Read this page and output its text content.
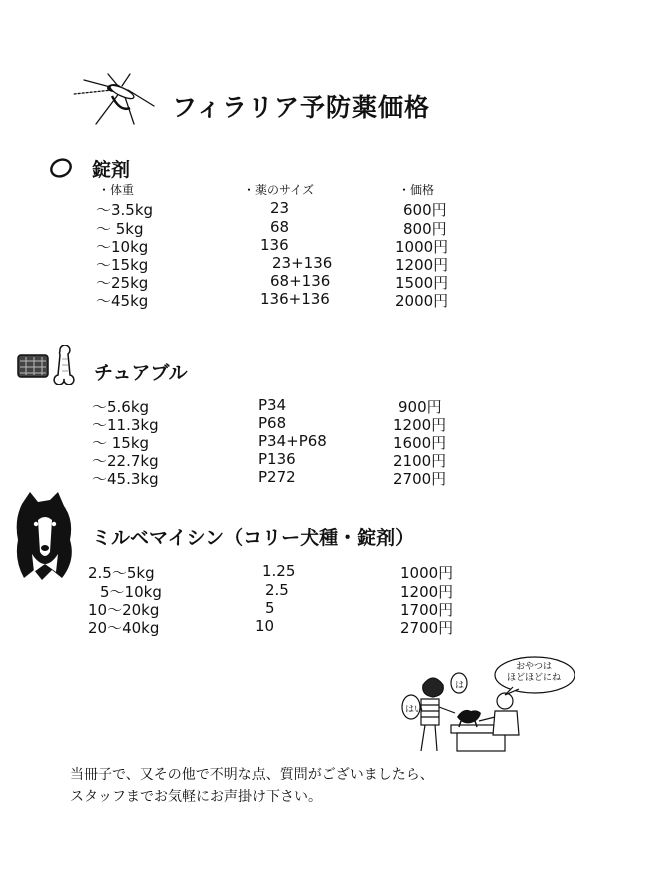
フィラリア予防薬価格
錠剤
・体重	・薬のサイズ	・価格
〜3.5kg	23	600円
〜 5kg	68	800円
〜10kg	136	1000円
〜15kg	23+136	1200円
〜25kg	68+136	1500円
〜45kg	136+136	2000円
チュアブル
〜5.6kg	P34	900円
〜11.3kg	P68	1200円
〜 15kg	P34+P68	1600円
〜22.7kg	P136	2100円
〜45.3kg	P272	2700円
ミルベマイシン（コリー犬種・錠剤）
2.5〜5kg	1.25	1000円
5〜10kg	2.5	1200円
10〜20kg	5	1700円
20〜40kg	10	2700円
おやつは
ほどほどにね
は
はい
当冊子で、又その他で不明な点、質問がございましたら、
スタッフまでお気軽にお声掛け下さい。
